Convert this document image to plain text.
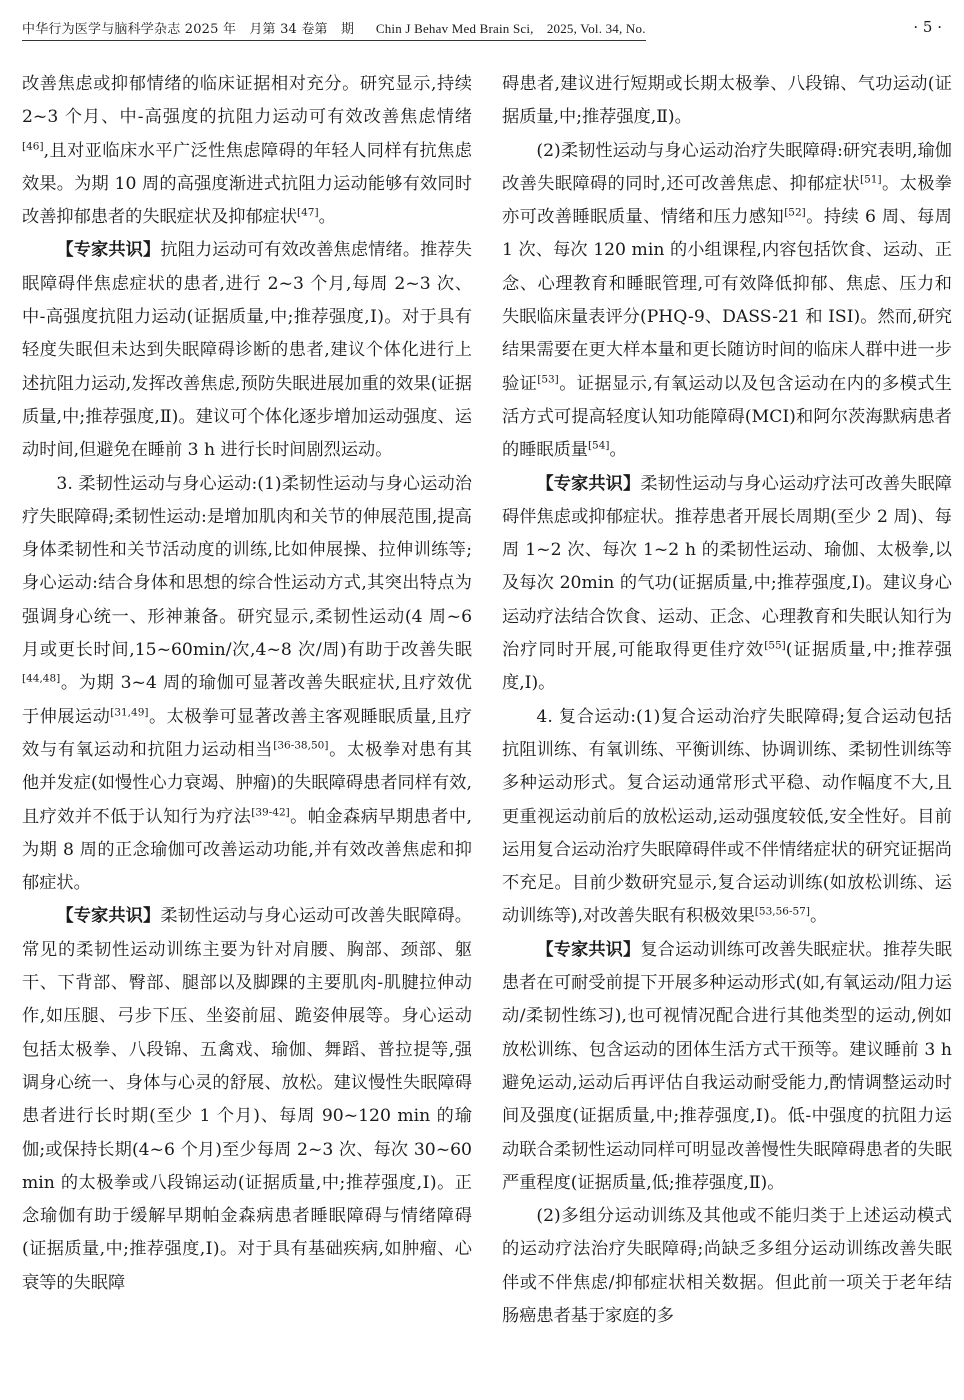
中华行为医学与脑科学杂志 2025 年　月第 34 卷第　期 Chin J Behav Med Brain Sci,　2025, Vol. 34, No.	· 5 ·

改善焦虑或抑郁情绪的临床证据相对充分。研究显示,持续 2~3 个月、中-高强度的抗阻力运动可有效改善焦虑情绪[46],且对亚临床水平广泛性焦虑障碍的年轻人同样有抗焦虑效果。为期 10 周的高强度渐进式抗阻力运动能够有效同时改善抑郁患者的失眠症状及抑郁症状[47]。

【专家共识】抗阻力运动可有效改善焦虑情绪。推荐失眠障碍伴焦虑症状的患者,进行 2~3 个月,每周 2~3 次、中-高强度抗阻力运动(证据质量,中;推荐强度,Ⅰ)。对于具有轻度失眠但未达到失眠障碍诊断的患者,建议个体化进行上述抗阻力运动,发挥改善焦虑,预防失眠进展加重的效果(证据质量,中;推荐强度,Ⅱ)。建议可个体化逐步增加运动强度、运动时间,但避免在睡前 3 h 进行长时间剧烈运动。

3. 柔韧性运动与身心运动:(1)柔韧性运动与身心运动治疗失眠障碍;柔韧性运动:是增加肌肉和关节的伸展范围,提高身体柔韧性和关节活动度的训练,比如伸展操、拉伸训练等;身心运动:结合身体和思想的综合性运动方式,其突出特点为强调身心统一、形神兼备。研究显示,柔韧性运动(4 周~6 月或更长时间,15~60min/次,4~8 次/周)有助于改善失眠[44,48]。为期 3~4 周的瑜伽可显著改善失眠症状,且疗效优于伸展运动[31,49]。太极拳可显著改善主客观睡眠质量,且疗效与有氧运动和抗阻力运动相当[36-38,50]。太极拳对患有其他并发症(如慢性心力衰竭、肿瘤)的失眠障碍患者同样有效,且疗效并不低于认知行为疗法[39-42]。帕金森病早期患者中,为期 8 周的正念瑜伽可改善运动功能,并有效改善焦虑和抑郁症状。

【专家共识】柔韧性运动与身心运动可改善失眠障碍。常见的柔韧性运动训练主要为针对肩腰、胸部、颈部、躯干、下背部、臀部、腿部以及脚踝的主要肌肉-肌腱拉伸动作,如压腿、弓步下压、坐姿前屈、跪姿伸展等。身心运动包括太极拳、八段锦、五禽戏、瑜伽、舞蹈、普拉提等,强调身心统一、身体与心灵的舒展、放松。建议慢性失眠障碍患者进行长时期(至少 1 个月)、每周 90~120 min 的瑜伽;或保持长期(4~6 个月)至少每周 2~3 次、每次 30~60 min 的太极拳或八段锦运动(证据质量,中;推荐强度,Ⅰ)。正念瑜伽有助于缓解早期帕金森病患者睡眠障碍与情绪障碍(证据质量,中;推荐强度,Ⅰ)。对于具有基础疾病,如肿瘤、心衰等的失眠障

碍患者,建议进行短期或长期太极拳、八段锦、气功运动(证据质量,中;推荐强度,Ⅱ)。

(2)柔韧性运动与身心运动治疗失眠障碍:研究表明,瑜伽改善失眠障碍的同时,还可改善焦虑、抑郁症状[51]。太极拳亦可改善睡眠质量、情绪和压力感知[52]。持续 6 周、每周 1 次、每次 120 min 的小组课程,内容包括饮食、运动、正念、心理教育和睡眠管理,可有效降低抑郁、焦虑、压力和失眠临床量表评分(PHQ-9、DASS-21 和 ISI)。然而,研究结果需要在更大样本量和更长随访时间的临床人群中进一步验证[53]。证据显示,有氧运动以及包含运动在内的多模式生活方式可提高轻度认知功能障碍(MCI)和阿尔茨海默病患者的睡眠质量[54]。

【专家共识】柔韧性运动与身心运动疗法可改善失眠障碍伴焦虑或抑郁症状。推荐患者开展长周期(至少 2 周)、每周 1~2 次、每次 1~2 h 的柔韧性运动、瑜伽、太极拳,以及每次 20min 的气功(证据质量,中;推荐强度,Ⅰ)。建议身心运动疗法结合饮食、运动、正念、心理教育和失眠认知行为治疗同时开展,可能取得更佳疗效[55](证据质量,中;推荐强度,Ⅰ)。

4. 复合运动:(1)复合运动治疗失眠障碍;复合运动包括抗阻训练、有氧训练、平衡训练、协调训练、柔韧性训练等多种运动形式。复合运动通常形式平稳、动作幅度不大,且更重视运动前后的放松运动,运动强度较低,安全性好。目前运用复合运动治疗失眠障碍伴或不伴情绪症状的研究证据尚不充足。目前少数研究显示,复合运动训练(如放松训练、运动训练等),对改善失眠有积极效果[53,56-57]。

【专家共识】复合运动训练可改善失眠症状。推荐失眠患者在可耐受前提下开展多种运动形式(如,有氧运动/阻力运动/柔韧性练习),也可视情况配合进行其他类型的运动,例如放松训练、包含运动的团体生活方式干预等。建议睡前 3 h 避免运动,运动后再评估自我运动耐受能力,酌情调整运动时间及强度(证据质量,中;推荐强度,Ⅰ)。低-中强度的抗阻力运动联合柔韧性运动同样可明显改善慢性失眠障碍患者的失眠严重程度(证据质量,低;推荐强度,Ⅱ)。

(2)多组分运动训练及其他或不能归类于上述运动模式的运动疗法治疗失眠障碍;尚缺乏多组分运动训练改善失眠伴或不伴焦虑/抑郁症状相关数据。但此前一项关于老年结肠癌患者基于家庭的多
